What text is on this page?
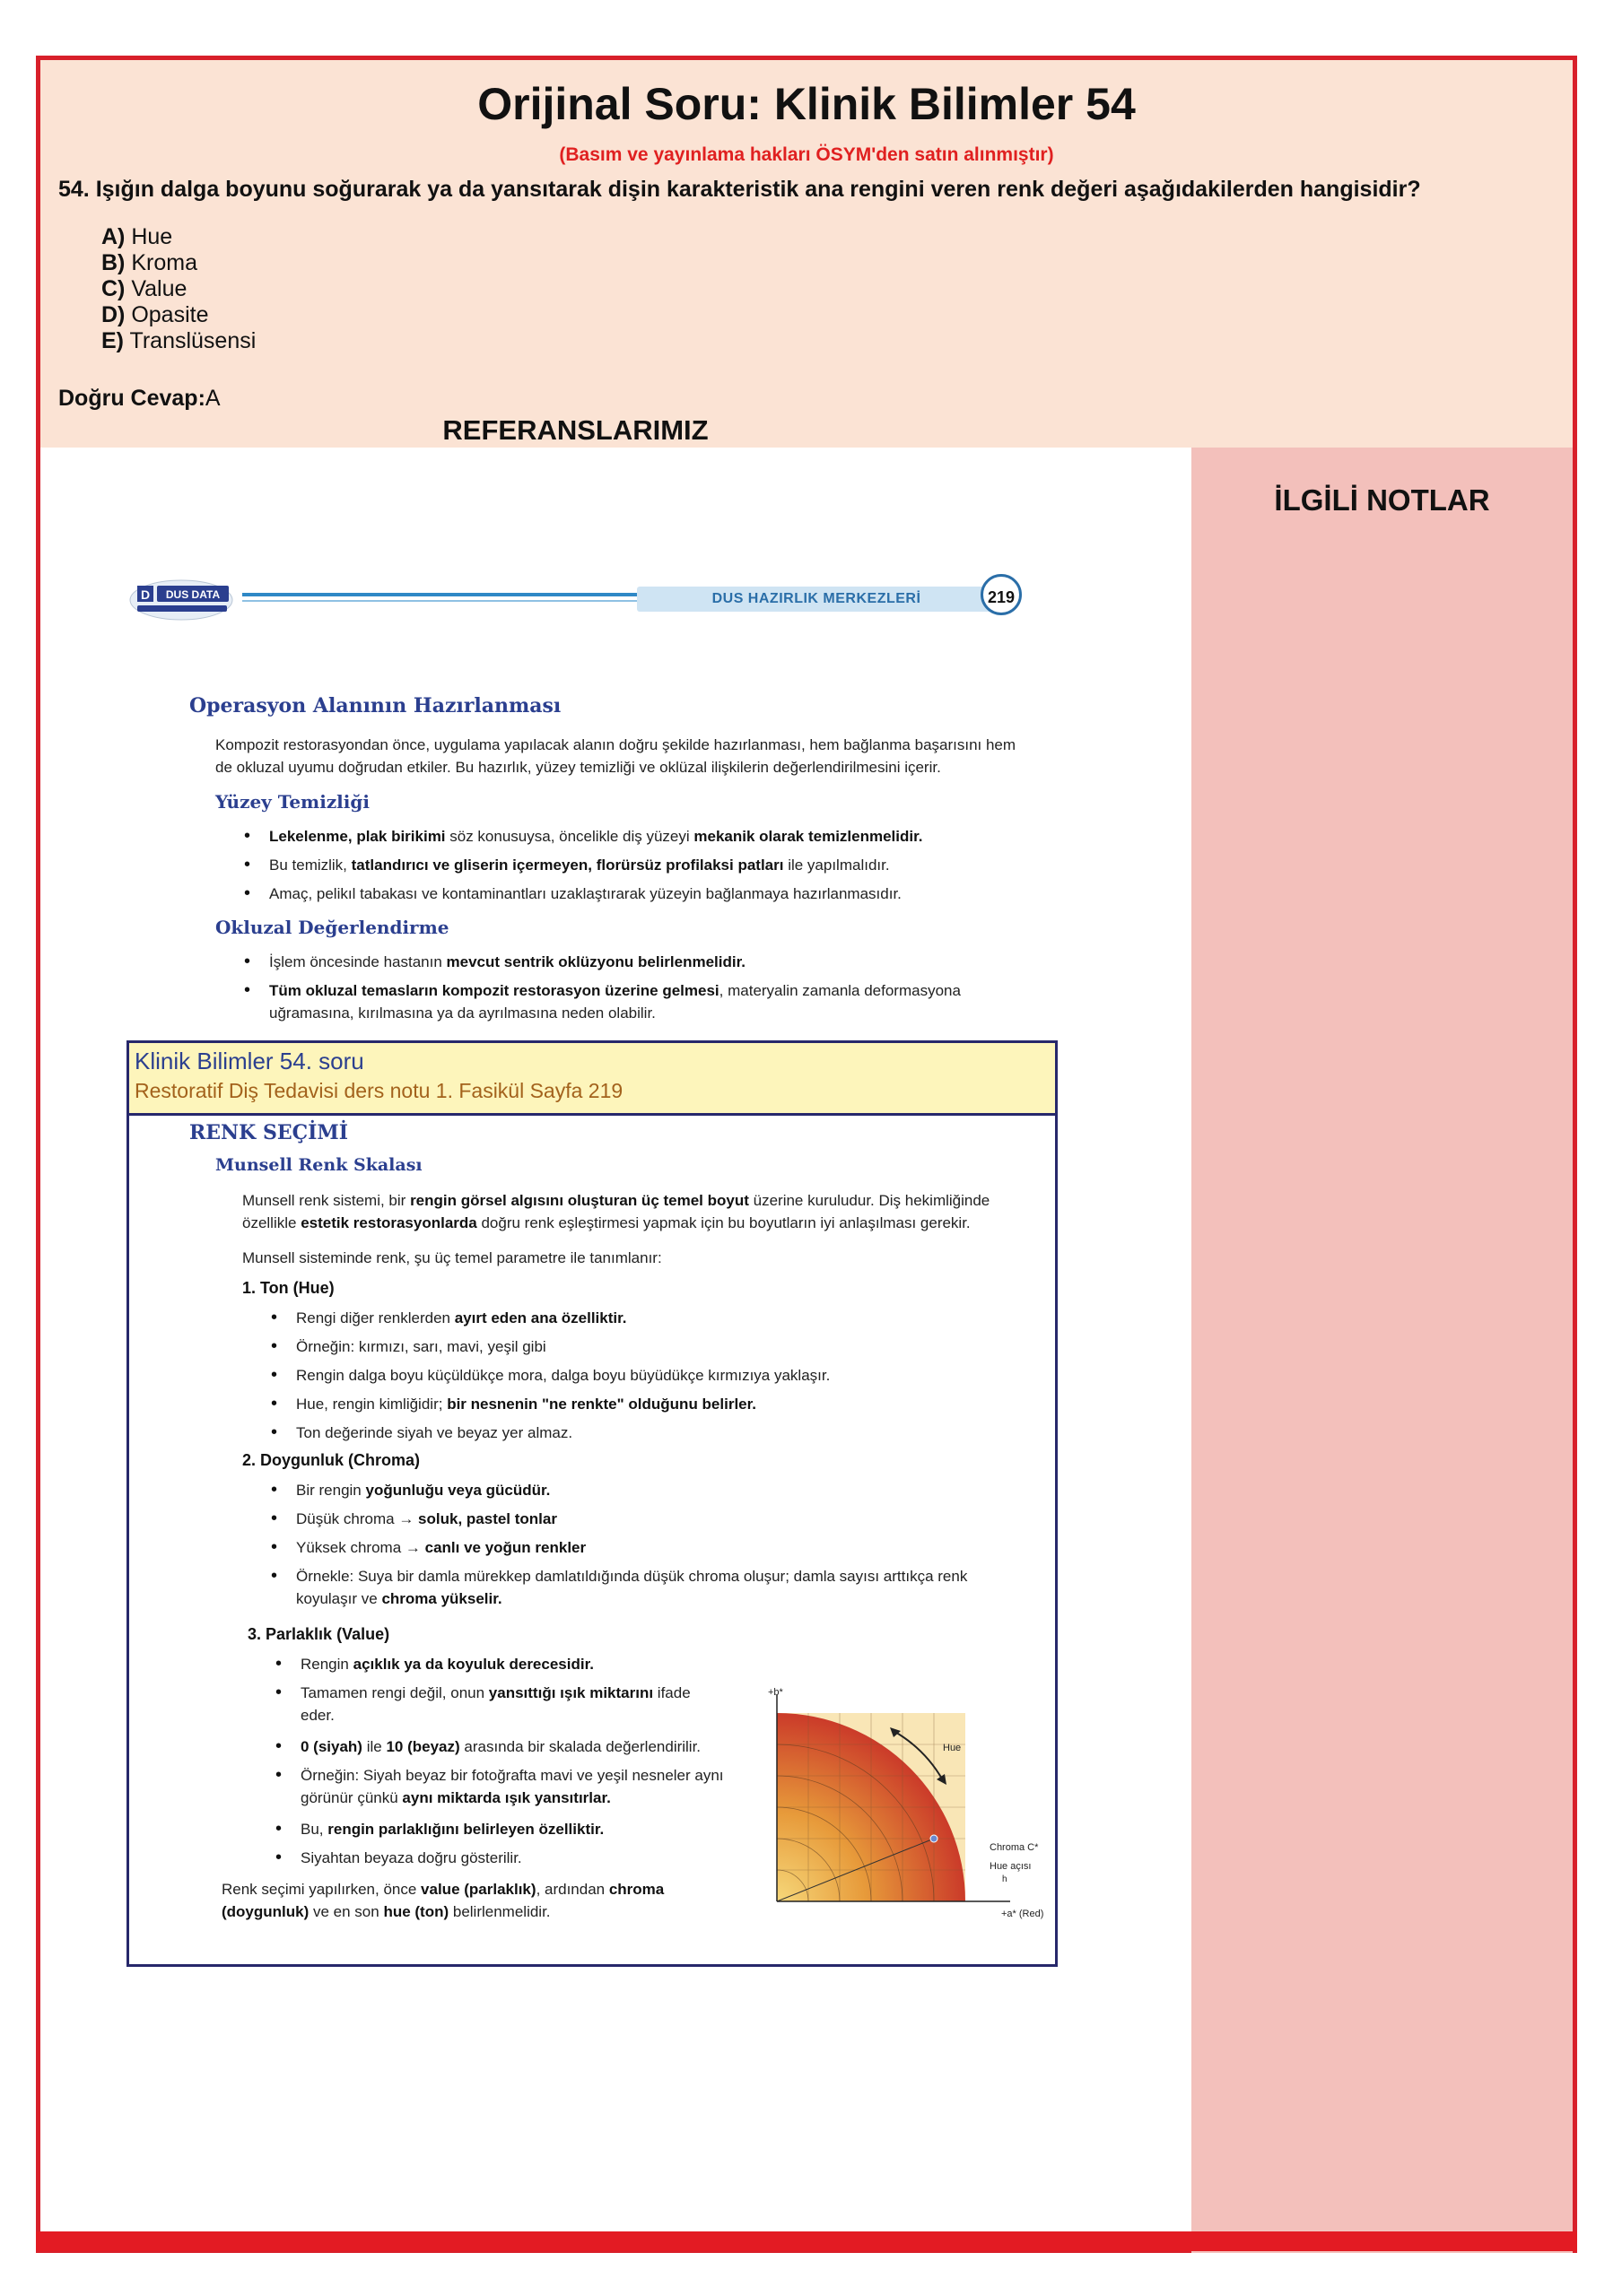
Orijinal Soru: Klinik Bilimler 54
(Basım ve yayınlama hakları ÖSYM'den satın alınmıştır)
54. Işığın dalga boyunu soğurarak ya da yansıtarak dişin karakteristik ana rengini veren renk değeri aşağıdakilerden hangisidir?
A) Hue
B) Kroma
C) Value
D) Opasite
E) Translüsensi
Doğru Cevap:A
İLGİLİ NOTLAR
REFERANSLARIMIZ
D DUS DATA	DUS HAZIRLIK MERKEZLERİ	219
Operasyon Alanının Hazırlanması
Kompozit restorasyondan önce, uygulama yapılacak alanın doğru şekilde hazırlanması, hem bağlanma başarısını hem
de okluzal uyumu doğrudan etkiler. Bu hazırlık, yüzey temizliği ve oklüzal ilişkilerin değerlendirilmesini içerir.
Yüzey Temizliği
• Lekelenme, plak birikimi söz konusuysa, öncelikle diş yüzeyi mekanik olarak temizlenmelidir.
• Bu temizlik, tatlandırıcı ve gliserin içermeyen, florürsüz profilaksi patları ile yapılmalıdır.
• Amaç, pelikıl tabakası ve kontaminantları uzaklaştırarak yüzeyin bağlanmaya hazırlanmasıdır.
Okluzal Değerlendirme
• İşlem öncesinde hastanın mevcut sentrik oklüzyonu belirlenmelidir.
• Tüm okluzal temasların kompozit restorasyon üzerine gelmesi, materyalin zamanla deformasyona
uğramasına, kırılmasına ya da ayrılmasına neden olabilir.
Klinik Bilimler 54. soru
Restoratif Diş Tedavisi ders notu 1. Fasikül Sayfa 219
RENK SEÇİMİ
Munsell Renk Skalası
Munsell renk sistemi, bir rengin görsel algısını oluşturan üç temel boyut üzerine kuruludur. Diş hekimliğinde
özellikle estetik restorasyonlarda doğru renk eşleştirmesi yapmak için bu boyutların iyi anlaşılması gerekir.
Munsell sisteminde renk, şu üç temel parametre ile tanımlanır:
1. Ton (Hue)
• Rengi diğer renklerden ayırt eden ana özelliktir.
• Örneğin: kırmızı, sarı, mavi, yeşil gibi
• Rengin dalga boyu küçüldükçe mora, dalga boyu büyüdükçe kırmızıya yaklaşır.
• Hue, rengin kimliğidir; bir nesnenin "ne renkte" olduğunu belirler.
• Ton değerinde siyah ve beyaz yer almaz.
2. Doygunluk (Chroma)
• Bir rengin yoğunluğu veya gücüdür.
• Düşük chroma → soluk, pastel tonlar
• Yüksek chroma → canlı ve yoğun renkler
• Örnekle: Suya bir damla mürekkep damlatıldığında düşük chroma oluşur; damla sayısı arttıkça renk
koyulaşır ve chroma yükselir.
3. Parlaklık (Value)
• Rengin açıklık ya da koyuluk derecesidir.
• Tamamen rengi değil, onun yansıttığı ışık miktarını ifade
eder.
• 0 (siyah) ile 10 (beyaz) arasında bir skalada değerlendirilir.
• Örneğin: Siyah beyaz bir fotoğrafta mavi ve yeşil nesneler aynı
görünür çünkü aynı miktarda ışık yansıtırlar.
• Bu, rengin parlaklığını belirleyen özelliktir.
• Siyahtan beyaza doğru gösterilir.
Renk seçimi yapılırken, önce value (parlaklık), ardından chroma
(doygunluk) ve en son hue (ton) belirlenmelidir.
+b*
+a* (Red)
Hue
Chroma C*
Hue açısı
h
